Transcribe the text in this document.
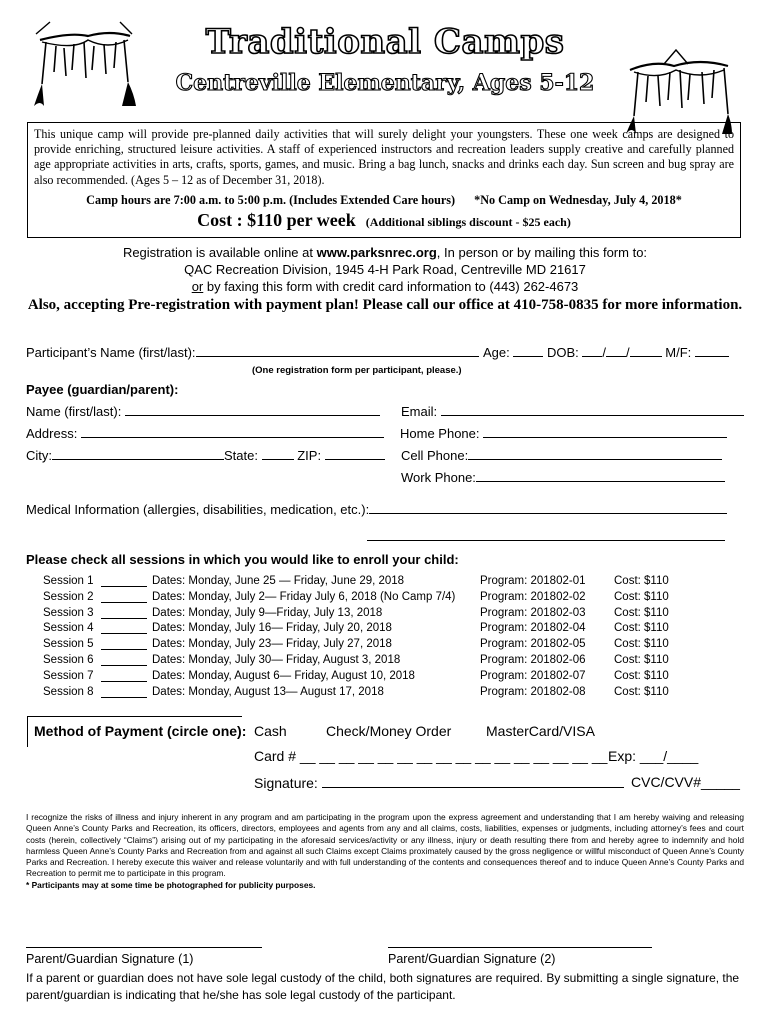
Traditional Camps
Centreville Elementary, Ages 5-12
This unique camp will provide pre-planned daily activities that will surely delight your youngsters. These one week camps are designed to provide enriching, structured leisure activities. A staff of experienced instructors and recreation leaders supply creative and carefully planned age appropriate activities in arts, crafts, sports, games, and music. Bring a bag lunch, snacks and drinks each day. Sun screen and bug spray are also recommended. (Ages 5 – 12 as of December 31, 2018).
Camp hours are 7:00 a.m. to 5:00 p.m. (Includes Extended Care hours) *No Camp on Wednesday, July 4, 2018*
Cost : $110 per week (Additional siblings discount - $25 each)
Registration is available online at www.parksnrec.org, In person or by mailing this form to:
QAC Recreation Division, 1945 4-H Park Road, Centreville MD 21617
or by faxing this form with credit card information to (443) 262-4673
Also, accepting Pre-registration with payment plan! Please call our office at 410-758-0835 for more information.
Participant’s Name (first/last):	Age:	DOB: / /	M/F:
(One registration form per participant, please.)
Payee (guardian/parent):
Name (first/last):	Email:
Address:	Home Phone:
City:	State:	ZIP:	Cell Phone:
Work Phone:
Medical Information (allergies, disabilities, medication, etc.):
Please check all sessions in which you would like to enroll your child:
Session 1	Dates: Monday, June 25 — Friday, June 29, 2018	Program: 201802-01 Cost: $110
Session 2	Dates: Monday, July 2— Friday July 6, 2018 (No Camp 7/4) Program: 201802-02 Cost: $110
Session 3	Dates: Monday, July 9—Friday, July 13, 2018	Program: 201802-03 Cost: $110
Session 4	Dates: Monday, July 16— Friday, July 20, 2018	Program: 201802-04 Cost: $110
Session 5	Dates: Monday, July 23— Friday, July 27, 2018	Program: 201802-05 Cost: $110
Session 6	Dates: Monday, July 30— Friday, August 3, 2018	Program: 201802-06 Cost: $110
Session 7	Dates: Monday, August 6— Friday, August 10, 2018	Program: 201802-07 Cost: $110
Session 8	Dates: Monday, August 13— August 17, 2018	Program: 201802-08 Cost: $110
Method of Payment (circle one): Cash	Check/Money Order MasterCard/VISA
Card # __ __ __ __ __ __ __ __ __ __ __ __ __ __ __ __ Exp: ___/____
Signature:	CVC/CVV#_____
I recognize the risks of illness and injury inherent in any program and am participating in the program upon the express agreement and understanding that I am hereby waiving and releasing Queen Anne’s County Parks and Recreation, its officers, directors, employees and agents from any and all claims, costs, liabilities, expenses or judgments, including attorney’s fees and court costs (herein, collectively “Claims”) arising out of my participating in the aforesaid services/activity or any illness, injury or death resulting there from and hereby agree to indemnify and hold harmless Queen Anne’s County Parks and Recreation from and against all such Claims except Claims proximately caused by the gross negligence or willful misconduct of Queen Anne’s County Parks and Recreation. I hereby execute this waiver and release voluntarily and with full understanding of the contents and consequences thereof and to induce Queen Anne’s County Parks and Recreation to permit me to participate in this program.
* Participants may at some time be photographed for publicity purposes.
Parent/Guardian Signature (1)	Parent/Guardian Signature (2)
If a parent or guardian does not have sole legal custody of the child, both signatures are required. By submitting a single signature, the parent/guardian is indicating that he/she has sole legal custody of the participant.
